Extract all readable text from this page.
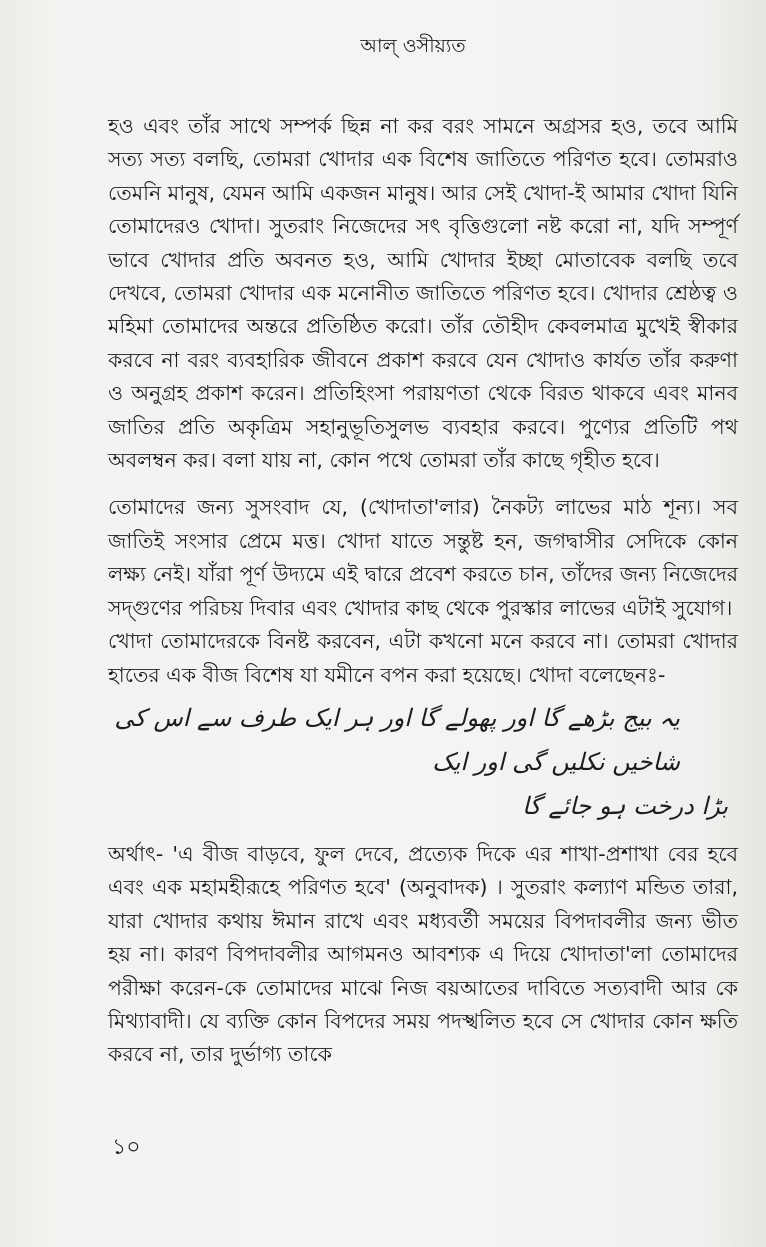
আল্ ওসীয়্যত

হও এবং তাঁর সাথে সম্পর্ক ছিন্ন না কর বরং সামনে অগ্রসর হও, তবে আমি সত্য সত্য বলছি, তোমরা খোদার এক বিশেষ জাতিতে পরিণত হবে। তোমরাও তেমনি মানুষ, যেমন আমি একজন মানুষ। আর সেই খোদা-ই আমার খোদা যিনি তোমাদেরও খোদা। সুতরাং নিজেদের সৎ বৃত্তিগুলো নষ্ট করো না, যদি সম্পূর্ণ ভাবে খোদার প্রতি অবনত হও, আমি খোদার ইচ্ছা মোতাবেক বলছি তবে দেখবে, তোমরা খোদার এক মনোনীত জাতিতে পরিণত হবে। খোদার শ্রেষ্ঠত্ব ও মহিমা তোমাদের অন্তরে প্রতিষ্ঠিত করো। তাঁর তৌহীদ কেবলমাত্র মুখেই স্বীকার করবে না বরং ব্যবহারিক জীবনে প্রকাশ করবে যেন খোদাও কার্যত তাঁর করুণা ও অনুগ্রহ প্রকাশ করেন। প্রতিহিংসা পরায়ণতা থেকে বিরত থাকবে এবং মানব জাতির প্রতি অকৃত্রিম সহানুভূতিসুলভ ব্যবহার করবে। পুণ্যের প্রতিটি পথ অবলম্বন কর। বলা যায় না, কোন পথে তোমরা তাঁর কাছে গৃহীত হবে।

তোমাদের জন্য সুসংবাদ যে, (খোদাতা'লার) নৈকট্য লাভের মাঠ শূন্য। সব জাতিই সংসার প্রেমে মত্ত। খোদা যাতে সন্তুষ্ট হন, জগদ্বাসীর সেদিকে কোন লক্ষ্য নেই। যাঁরা পূর্ণ উদ্যমে এই দ্বারে প্রবেশ করতে চান, তাঁদের জন্য নিজেদের সদ্‌গুণের পরিচয় দিবার এবং খোদার কাছ থেকে পুরস্কার লাভের এটাই সুযোগ।

খোদা তোমাদেরকে বিনষ্ট করবেন, এটা কখনো মনে করবে না। তোমরা খোদার হাতের এক বীজ বিশেষ যা যমীনে বপন করা হয়েছে। খোদা বলেছেনঃ-

یہ بیج بڑھے گا اور پھولے گا اور ہر ایک طرف سے اس کی شاخیں نکلیں گی اور ایک
بڑا درخت ہو جائے گا

অর্থাৎ- 'এ বীজ বাড়বে, ফুল দেবে, প্রত্যেক দিকে এর শাখা-প্রশাখা বের হবে এবং এক মহামহীরূহে পরিণত হবে' (অনুবাদক) । সুতরাং কল্যাণ মন্ডিত তারা, যারা খোদার কথায় ঈমান রাখে এবং মধ্যবর্তী সময়ের বিপদাবলীর জন্য ভীত হয় না। কারণ বিপদাবলীর আগমনও আবশ্যক এ দিয়ে খোদাতা'লা তোমাদের পরীক্ষা করেন-কে তোমাদের মাঝে নিজ বয়আতের দাবিতে সত্যবাদী আর কে মিথ্যাবাদী। যে ব্যক্তি কোন বিপদের সময় পদস্খলিত হবে সে খোদার কোন ক্ষতি করবে না, তার দুর্ভাগ্য তাকে

১০
